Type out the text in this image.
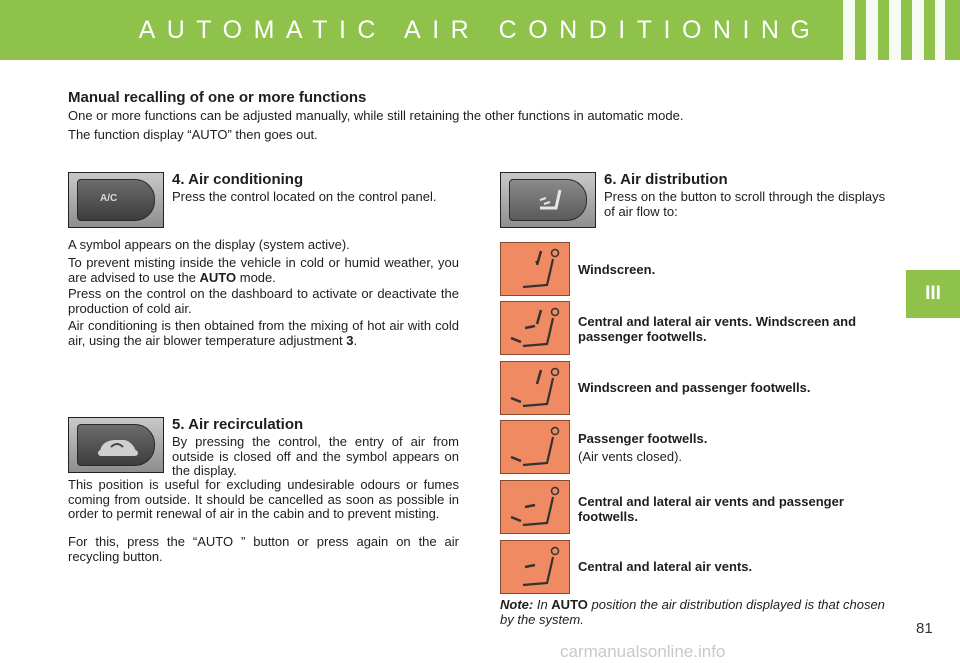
AUTOMATIC AIR CONDITIONING
III
Manual recalling of one or more functions
One or more functions can be adjusted manually, while still retaining the other functions in automatic mode.
The function display “AUTO” then goes out.
A/C
4. Air conditioning
Press the control located on the control panel.
A symbol appears on the display (system active).
To prevent misting inside the vehicle in cold or humid weather, you are advised to use the AUTO mode.
Press on the control on the dashboard to activate or deactivate the production of cold air.
Air conditioning is then obtained from the mixing of hot air with cold air, using the air blower temperature adjustment 3.
5. Air recirculation
By pressing the control, the entry of air from outside is closed off and the symbol appears on the display.
This position is useful for excluding undesirable odours or fumes coming from outside. It should be cancelled as soon as possible in order to permit renewal of air in the cabin and to prevent misting.
For this, press the “AUTO ” button or press again on the air recycling button.
6. Air distribution
Press on the button to scroll through the displays of air flow to:
Windscreen.
Central and lateral air vents. Windscreen and passenger footwells.
Windscreen and passenger footwells.
Passenger footwells.
(Air vents closed).
Central and lateral air vents and passenger footwells.
Central and lateral air vents.
Note: In AUTO position the air distribution displayed is that chosen by the system.
81
carmanualsonline.info
